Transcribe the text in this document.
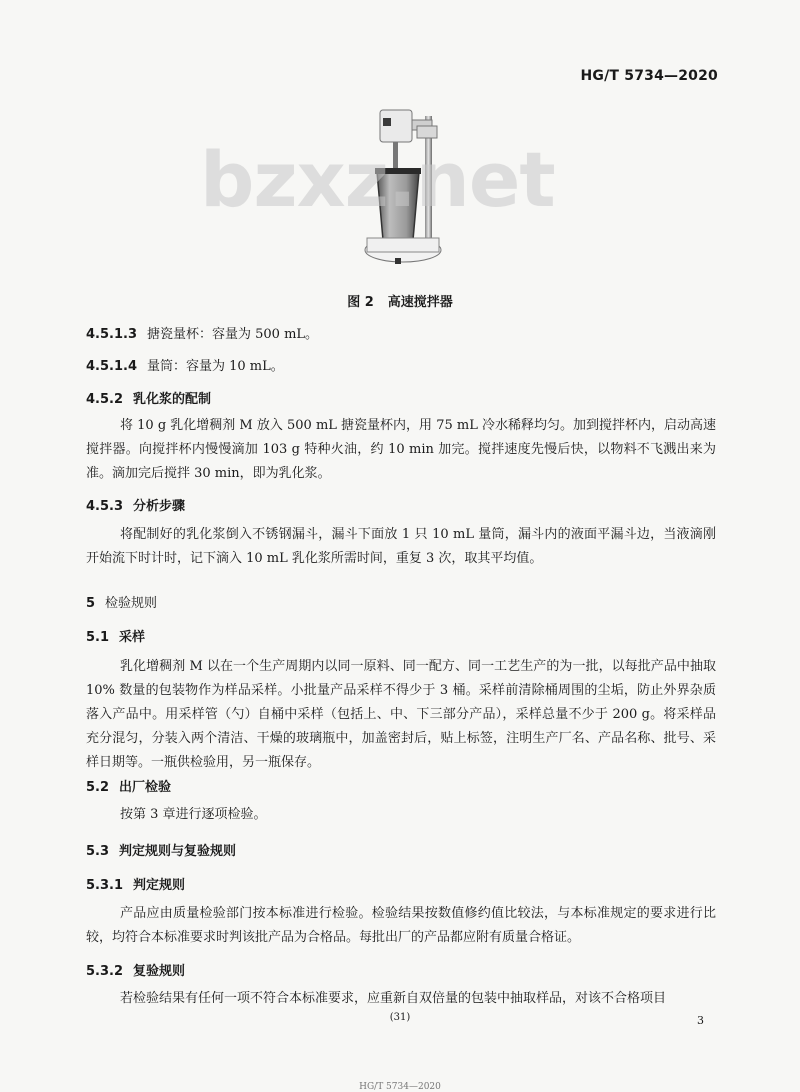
HG/T 5734—2020
bzxz.net
图 2 高速搅拌器
4.5.1.3 搪瓷量杯：容量为 500 mL。
4.5.1.4 量筒：容量为 10 mL。
4.5.2 乳化浆的配制
将 10 g 乳化增稠剂 M 放入 500 mL 搪瓷量杯内，用 75 mL 冷水稀释均匀。加到搅拌杯内，启动高速搅拌器。向搅拌杯内慢慢滴加 103 g 特种火油，约 10 min 加完。搅拌速度先慢后快，以物料不飞溅出来为准。滴加完后搅拌 30 min，即为乳化浆。
4.5.3 分析步骤
将配制好的乳化浆倒入不锈钢漏斗，漏斗下面放 1 只 10 mL 量筒，漏斗内的液面平漏斗边，当液滴刚开始流下时计时，记下滴入 10 mL 乳化浆所需时间，重复 3 次，取其平均值。
5 检验规则
5.1 采样
乳化增稠剂 M 以在一个生产周期内以同一原料、同一配方、同一工艺生产的为一批，以每批产品中抽取 10% 数量的包装物作为样品采样。小批量产品采样不得少于 3 桶。采样前清除桶周围的尘垢，防止外界杂质落入产品中。用采样管（勺）自桶中采样（包括上、中、下三部分产品），采样总量不少于 200 g。将采样品充分混匀，分装入两个清洁、干燥的玻璃瓶中，加盖密封后，贴上标签，注明生产厂名、产品名称、批号、采样日期等。一瓶供检验用，另一瓶保存。
5.2 出厂检验
按第 3 章进行逐项检验。
5.3 判定规则与复验规则
5.3.1 判定规则
产品应由质量检验部门按本标准进行检验。检验结果按数值修约值比较法，与本标准规定的要求进行比较，均符合本标准要求时判该批产品为合格品。每批出厂的产品都应附有质量合格证。
5.3.2 复验规则
若检验结果有任何一项不符合本标准要求，应重新自双倍量的包装中抽取样品，对该不合格项目
(31)	3
HG/T 5734—2020
